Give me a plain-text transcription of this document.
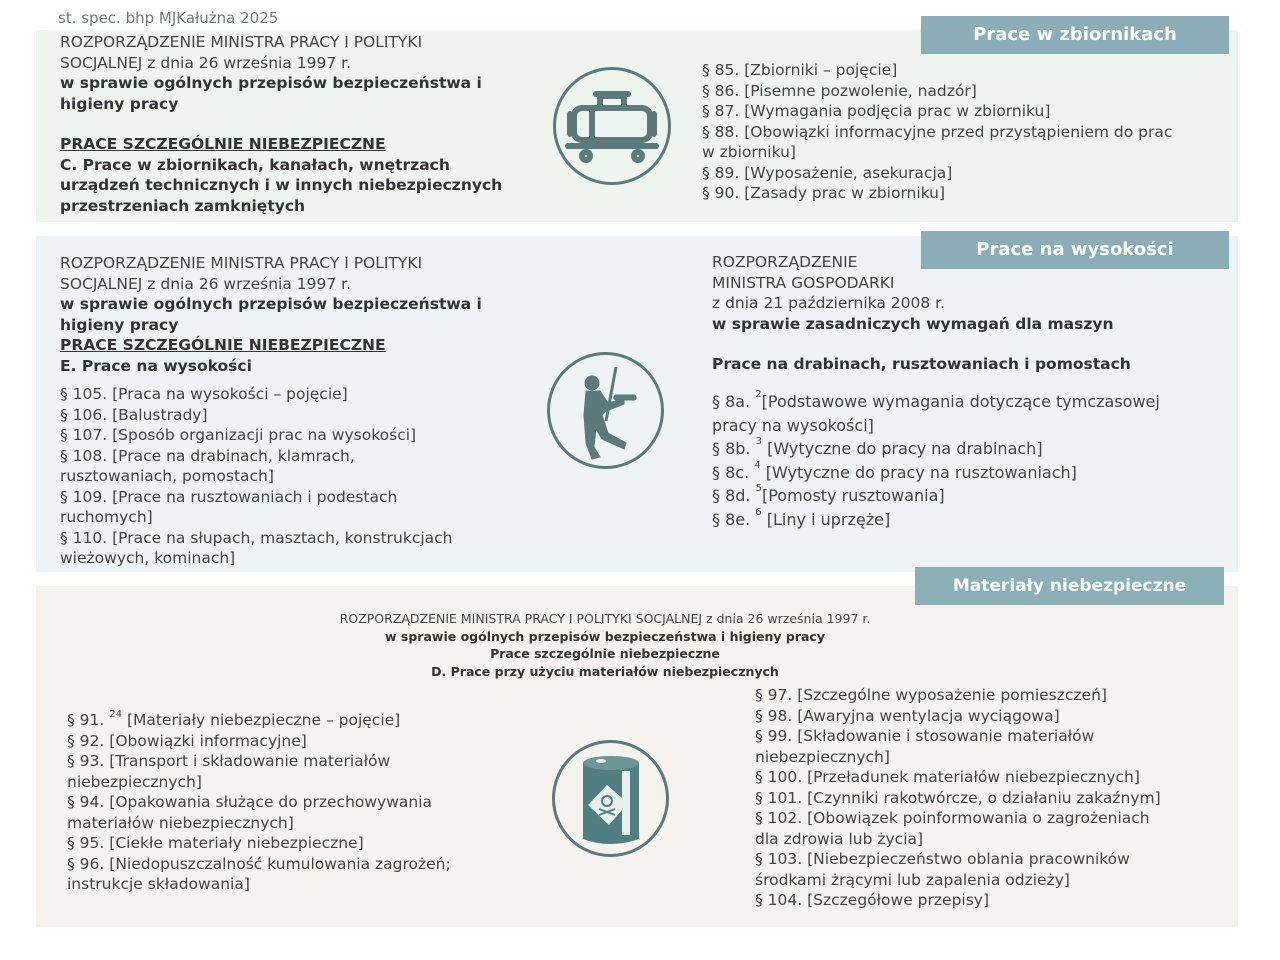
st. spec. bhp MJKałużna 2025
Prace w zbiornikach
Prace na wysokości
Materiały niebezpieczne
ROZPORZĄDZENIE MINISTRA PRACY I POLITYKI
SOCJALNEJ z dnia 26 września 1997 r.
w sprawie ogólnych przepisów bezpieczeństwa i
higieny pracy
PRACE SZCZEGÓLNIE NIEBEZPIECZNE
C. Prace w zbiornikach, kanałach, wnętrzach
urządzeń technicznych i w innych niebezpiecznych
przestrzeniach zamkniętych
§ 85. [Zbiorniki – pojęcie]
§ 86. [Pisemne pozwolenie, nadzór]
§ 87. [Wymagania podjęcia prac w zbiorniku]
§ 88. [Obowiązki informacyjne przed przystąpieniem do prac
w zbiorniku]
§ 89. [Wyposażenie, asekuracja]
§ 90. [Zasady prac w zbiorniku]
ROZPORZĄDZENIE MINISTRA PRACY I POLITYKI
SOCJALNEJ z dnia 26 września 1997 r.
w sprawie ogólnych przepisów bezpieczeństwa i
higieny pracy
PRACE SZCZEGÓLNIE NIEBEZPIECZNE
E. Prace na wysokości
§ 105. [Praca na wysokości – pojęcie]
§ 106. [Balustrady]
§ 107. [Sposób organizacji prac na wysokości]
§ 108. [Prace na drabinach, klamrach,
rusztowaniach, pomostach]
§ 109. [Prace na rusztowaniach i podestach
ruchomych]
§ 110. [Prace na słupach, masztach, konstrukcjach
wieżowych, kominach]
ROZPORZĄDZENIE
MINISTRA GOSPODARKI
z dnia 21 października 2008 r.
w sprawie zasadniczych wymagań dla maszyn
Prace na drabinach, rusztowaniach i pomostach
§ 8a. $^2$[Podstawowe wymagania dotyczące tymczasowej
pracy na wysokości]
§ 8b. $^3$ [Wytyczne do pracy na drabinach]
§ 8c. $^4$ [Wytyczne do pracy na rusztowaniach]
§ 8d. $^5$[Pomosty rusztowania]
§ 8e. $^6$ [Liny i uprzęże]
ROZPORZĄDZENIE MINISTRA PRACY I POLITYKI SOCJALNEJ z dnia 26 września 1997 r.
w sprawie ogólnych przepisów bezpieczeństwa i higieny pracy
Prace szczególnie niebezpieczne
D. Prace przy użyciu materiałów niebezpiecznych
§ 91. $^{24}$ [Materiały niebezpieczne – pojęcie]
§ 92. [Obowiązki informacyjne]
§ 93. [Transport i składowanie materiałów
niebezpiecznych]
§ 94. [Opakowania służące do przechowywania
materiałów niebezpiecznych]
§ 95. [Ciekłe materiały niebezpieczne]
§ 96. [Niedopuszczalność kumulowania zagrożeń;
instrukcje składowania]
§ 97. [Szczególne wyposażenie pomieszczeń]
§ 98. [Awaryjna wentylacja wyciągowa]
§ 99. [Składowanie i stosowanie materiałów
niebezpiecznych]
§ 100. [Przeładunek materiałów niebezpiecznych]
§ 101. [Czynniki rakotwórcze, o działaniu zakaźnym]
§ 102. [Obowiązek poinformowania o zagrożeniach
dla zdrowia lub życia]
§ 103. [Niebezpieczeństwo oblania pracowników
środkami żrącymi lub zapalenia odzieży]
§ 104. [Szczegółowe przepisy]
